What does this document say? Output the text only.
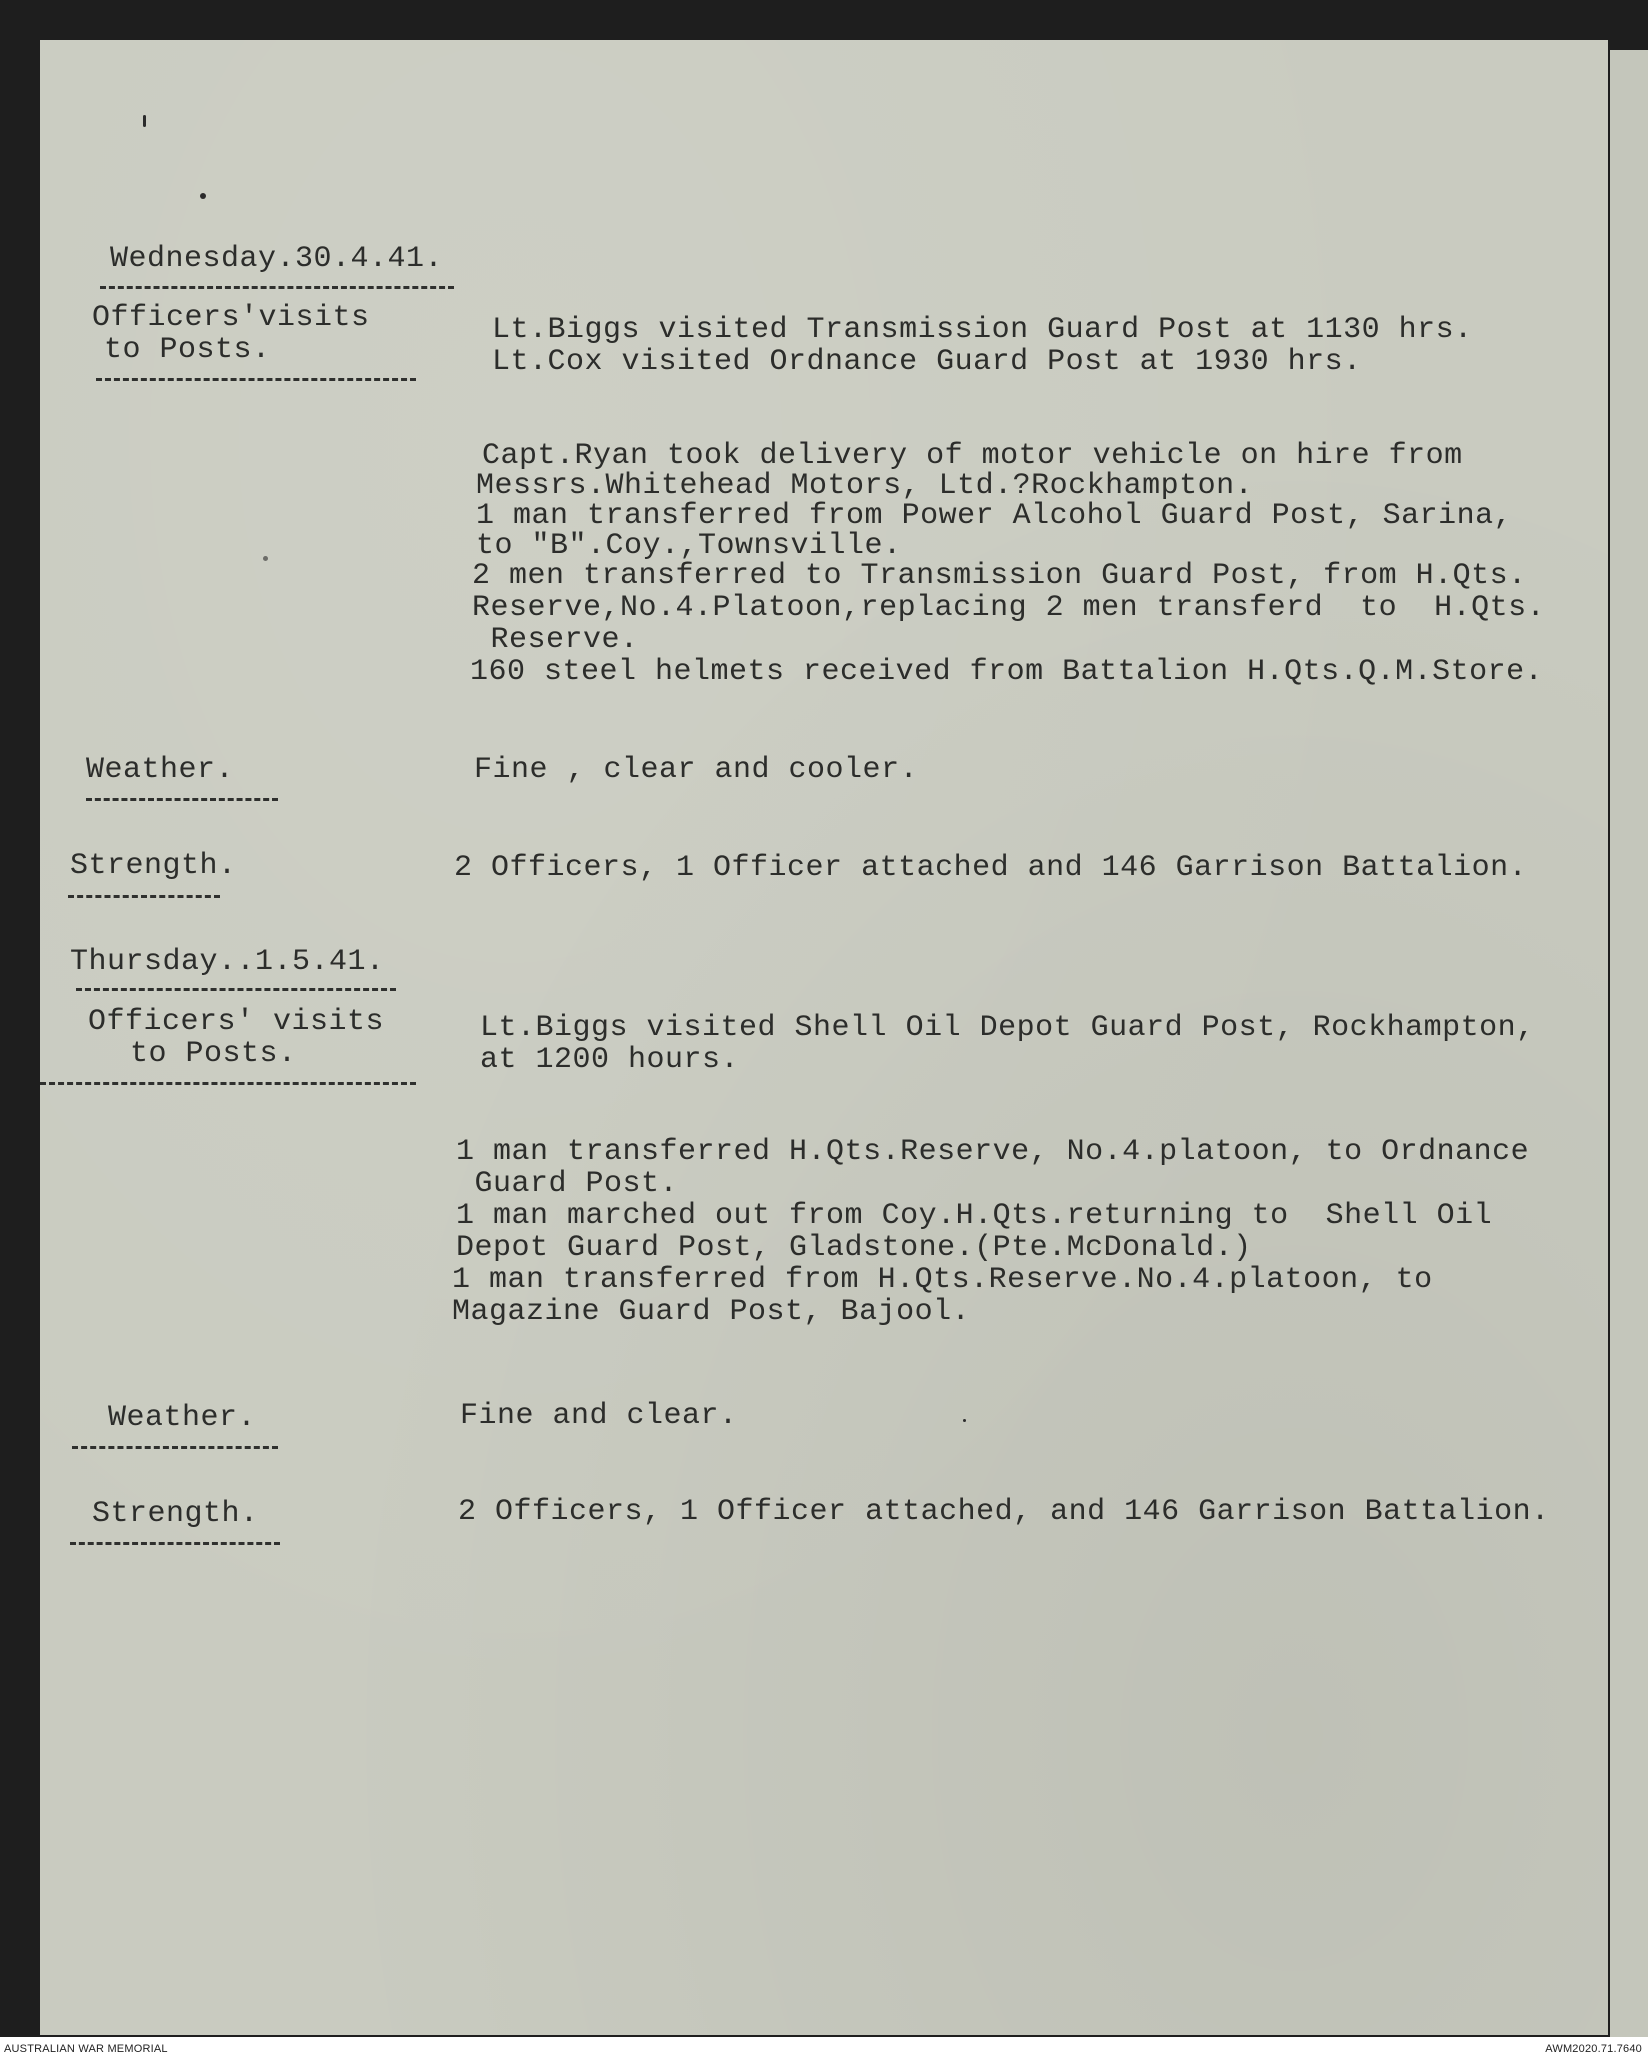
Wednesday.30.4.41.
Officers'visits
to Posts.
Lt.Biggs visited Transmission Guard Post at 1130 hrs.
Lt.Cox visited Ordnance Guard Post at 1930 hrs.
Capt.Ryan took delivery of motor vehicle on hire from
Messrs.Whitehead Motors, Ltd.?Rockhampton.
1 man transferred from Power Alcohol Guard Post, Sarina,
to "B".Coy.,Townsville.
2 men transferred to Transmission Guard Post, from H.Qts.
Reserve,No.4.Platoon,replacing 2 men transferd  to  H.Qts.
Reserve.
160 steel helmets received from Battalion H.Qts.Q.M.Store.
Weather.	Fine , clear and cooler.
Strength.	2 Officers, 1 Officer attached and 146 Garrison Battalion.
Thursday..1.5.41.
Officers' visits
to Posts.
Lt.Biggs visited Shell Oil Depot Guard Post, Rockhampton,
at 1200 hours.
1 man transferred H.Qts.Reserve, No.4.platoon, to Ordnance
Guard Post.
1 man marched out from Coy.H.Qts.returning to  Shell Oil
Depot Guard Post, Gladstone.(Pte.McDonald.)
1 man transferred from H.Qts.Reserve.No.4.platoon, to
Magazine Guard Post, Bajool.
Weather.	Fine and clear.
Strength.	2 Officers, 1 Officer attached, and 146 Garrison Battalion.
AUSTRALIAN WAR MEMORIAL	AWM2020.71.7640
